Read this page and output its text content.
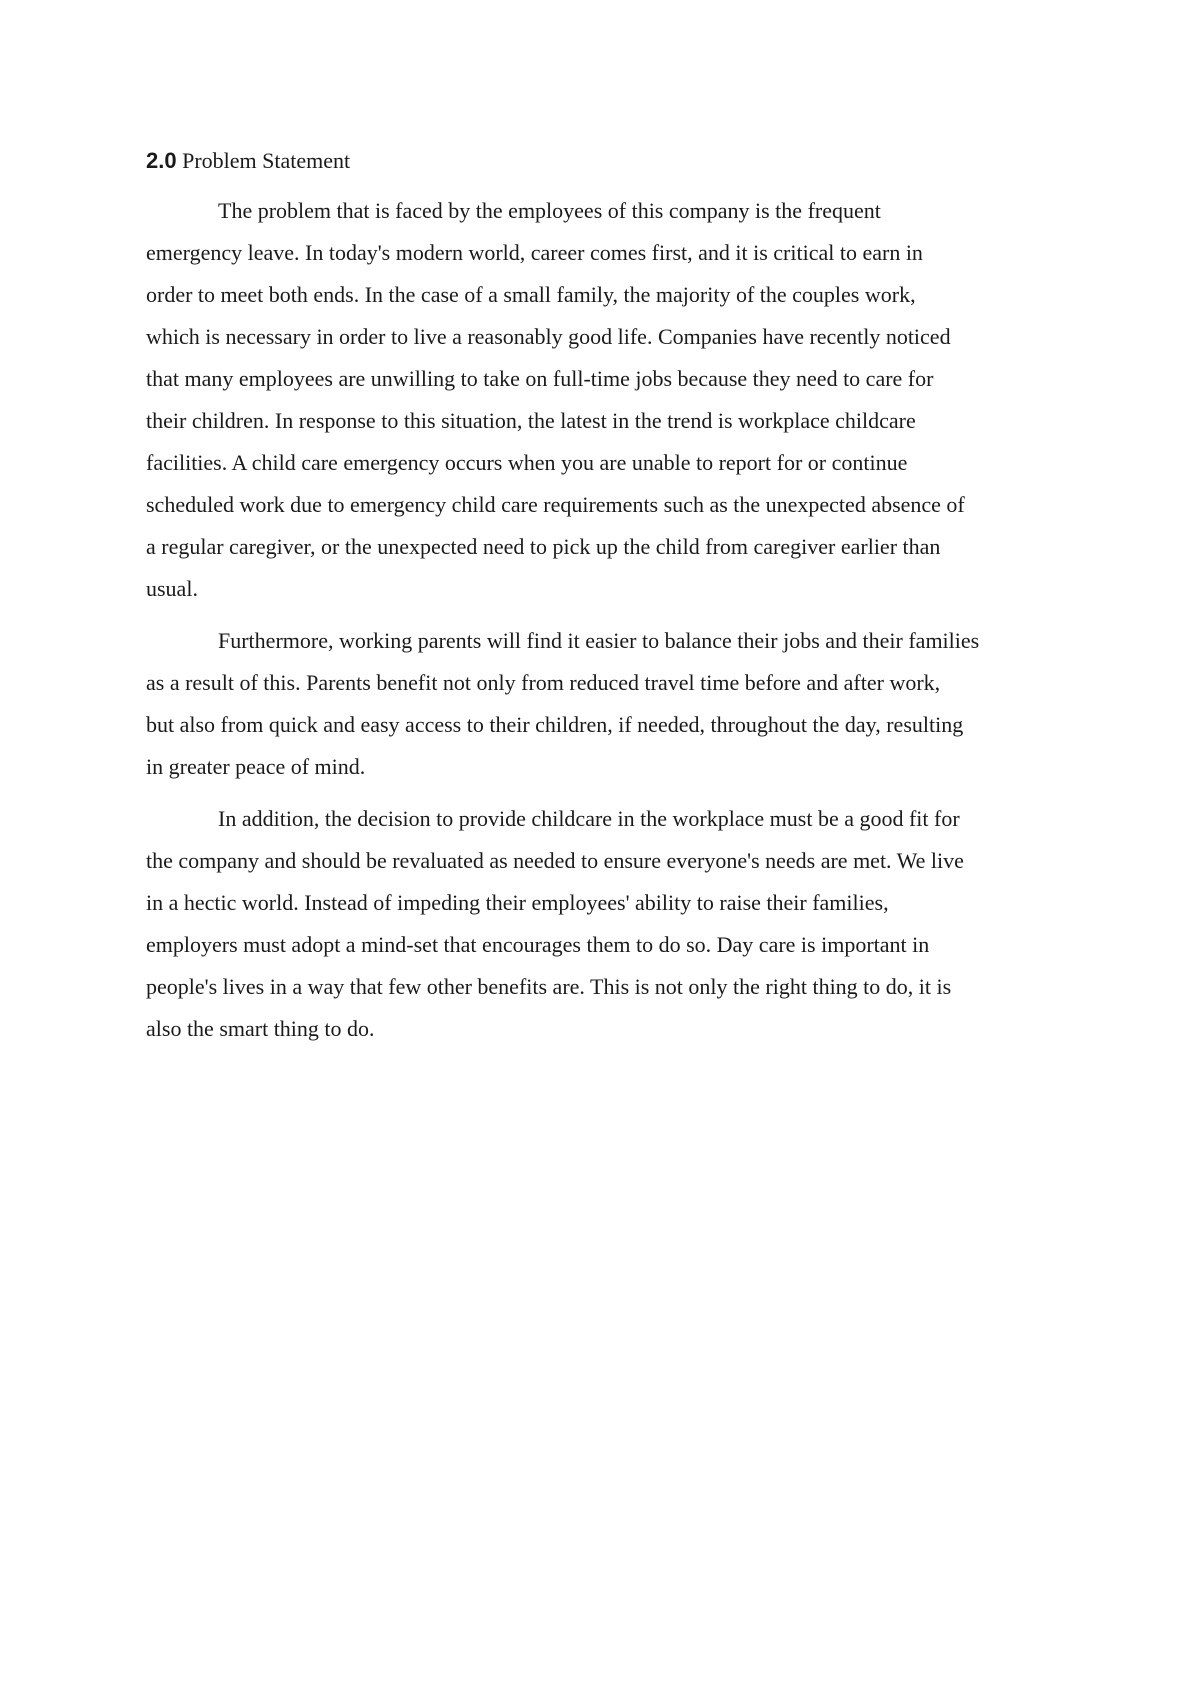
2.0 Problem Statement

The problem that is faced by the employees of this company is the frequent
emergency leave. In today's modern world, career comes first, and it is critical to earn in
order to meet both ends. In the case of a small family, the majority of the couples work,
which is necessary in order to live a reasonably good life. Companies have recently noticed
that many employees are unwilling to take on full-time jobs because they need to care for
their children. In response to this situation, the latest in the trend is workplace childcare
facilities. A child care emergency occurs when you are unable to report for or continue
scheduled work due to emergency child care requirements such as the unexpected absence of
a regular caregiver, or the unexpected need to pick up the child from caregiver earlier than
usual.

Furthermore, working parents will find it easier to balance their jobs and their families
as a result of this. Parents benefit not only from reduced travel time before and after work,
but also from quick and easy access to their children, if needed, throughout the day, resulting
in greater peace of mind.

In addition, the decision to provide childcare in the workplace must be a good fit for
the company and should be revaluated as needed to ensure everyone's needs are met. We live
in a hectic world. Instead of impeding their employees' ability to raise their families,
employers must adopt a mind-set that encourages them to do so. Day care is important in
people's lives in a way that few other benefits are. This is not only the right thing to do, it is
also the smart thing to do.
